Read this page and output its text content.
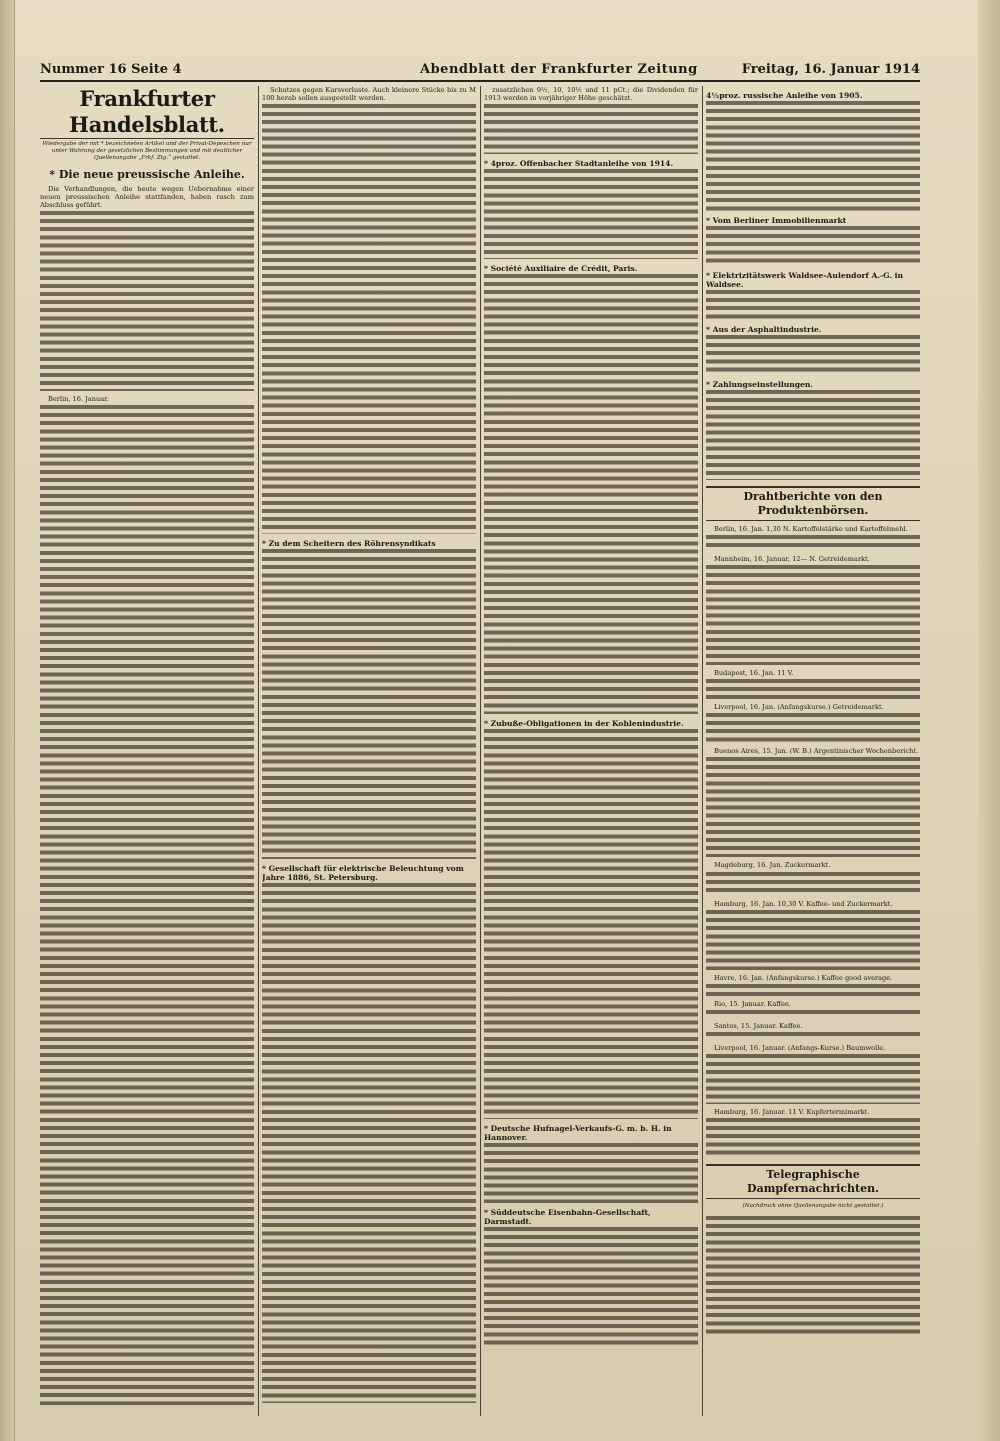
Nummer 16 Seite 4	Abendblatt der Frankfurter Zeitung	Freitag, 16. Januar 1914
Frankfurter Handelsblatt.
Wiedergabe der mit * bezeichneten Artikel und der Privat-Depeschen nur unter Wahrung der gesetzlichen Bestimmungen und mit deutlicher Quellenangabe „Frkf. Ztg.“ gestattet.
* Die neue preussische Anleihe.

Die Verhandlungen, die heute wegen Uebernahme einer neuen preussischen Anleihe stattfanden, haben rasch zum Abschluss geführt.

Berlin, 16. Januar.

Schutzes gegen Kursverluste. Auch kleinere Stücke bis zu M 100 herab sollen ausgestellt werden.

* Zu dem Scheitern des Röhrensyndikats
* Gesellschaft für elektrische Beleuchtung vom Jahre 1886, St. Petersburg.

zusatzlichen 9½, 10, 10½ und 11 pCt.; die Dividenden für 1913 werden in vorjähriger Höhe geschätzt.

* 4proz. Offenbacher Stadtanleihe von 1914.
* Société Auxiliaire de Crédit, Paris.
* Zubuße-Obligationen in der Kohlenindustrie.
* Deutsche Hufnagel-Verkaufs-G. m. b. H. in Hannover.
* Süddeutsche Eisenbahn-Gesellschaft, Darmstadt.
4½proz. russische Anleihe von 1905.
* Vom Berliner Immobilienmarkt
* Elektrizitätswerk Waldsee-Aulendorf A.-G. in Waldsee.
* Aus der Asphaltindustrie.
* Zahlungseinstellungen.
Drahtberichte von den Produktenbörsen.

Berlin, 16. Jan. 1,30 N. Kartoffelstärke und Kartoffelmehl.

Mannheim, 16. Januar, 12— N. Getreidemarkt.

Budapest, 16. Jan. 11 V.

Liverpool, 16. Jan. (Anfangskurse.) Getreidemarkt.

Buenos Aires, 15. Jan. (W. B.) Argentinischer Wochenbericht.

Magdeburg, 16. Jan. Zuckermarkt.

Hamburg, 16. Jan. 10,30 V. Kaffee- und Zuckermarkt.

Havre, 16. Jan. (Anfangskurse.) Kaffee good average.

Rio, 15. Januar. Kaffee.

Santos, 15. Januar. Kaffee.

Liverpool, 16. Januar. (Anfangs-Kurse.) Baumwolle.

Hamburg, 16. Januar. 11 V. Kupfertermimarkt.

Telegraphische Dampfernachrichten.
(Nachdruck ohne Quellenangabe nicht gestattet.)
